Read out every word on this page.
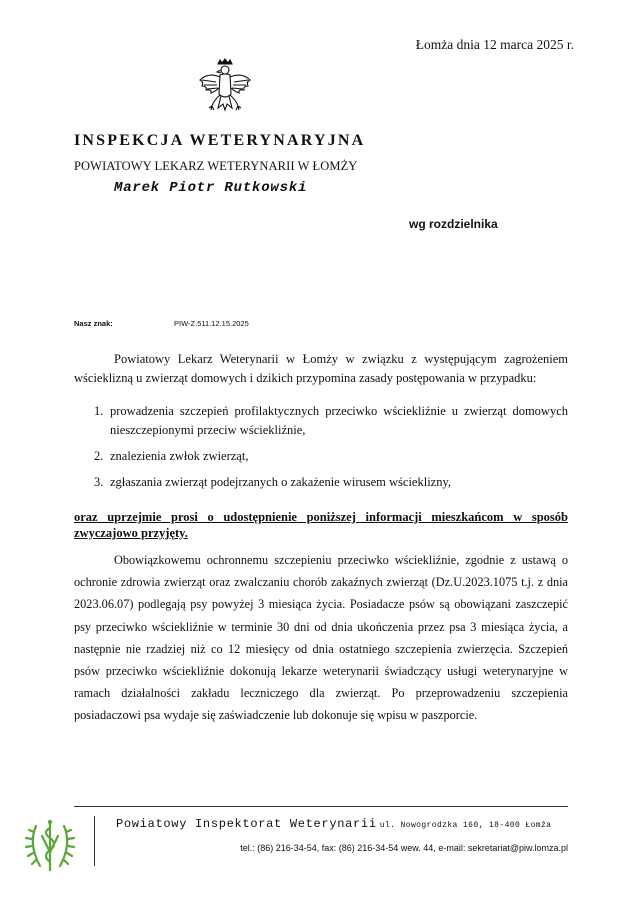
Łomża dnia 12 marca 2025 r.
INSPEKCJA WETERYNARYJNA
POWIATOWY LEKARZ WETERYNARII W ŁOMŻY
Marek Piotr Rutkowski
wg rozdzielnika
Nasz znak:	PIW-Z.511.12.15.2025

Powiatowy Lekarz Weterynarii w Łomży w związku z występującym zagrożeniem wścieklizną u zwierząt domowych i dzikich przypomina zasady postępowania w przypadku:

1. prowadzenia szczepień profilaktycznych przeciwko wściekliźnie u zwierząt domowych nieszczepionymi przeciw wściekliźnie,
2. znalezienia zwłok zwierząt,
3. zgłaszania zwierząt podejrzanych o zakażenie wirusem wścieklizny,

oraz uprzejmie prosi o udostępnienie poniższej informacji mieszkańcom w sposób zwyczajowo przyjęty.

Obowiązkowemu ochronnemu szczepieniu przeciwko wściekliźnie, zgodnie z ustawą o ochronie zdrowia zwierząt oraz zwalczaniu chorób zakaźnych zwierząt (Dz.U.2023.1075 t.j. z dnia 2023.06.07) podlegają psy powyżej 3 miesiąca życia. Posiadacze psów są obowiązani zaszczepić psy przeciwko wściekliźnie w terminie 30 dni od dnia ukończenia przez psa 3 miesiąca życia, a następnie nie rzadziej niż co 12 miesięcy od dnia ostatniego szczepienia zwierzęcia. Szczepień psów przeciwko wściekliźnie dokonują lekarze weterynarii świadczący usługi weterynaryjne w ramach działalności zakładu leczniczego dla zwierząt. Po przeprowadzeniu szczepienia posiadaczowi psa wydaje się zaświadczenie lub dokonuje się wpisu w paszporcie.

Powiatowy Inspektorat Weterynarii ul. Nowogrodzka 160, 18-400 Łomża
tel.: (86) 216-34-54, fax: (86) 216-34-54 wew. 44, e-mail: sekretariat@piw.lomza.pl
